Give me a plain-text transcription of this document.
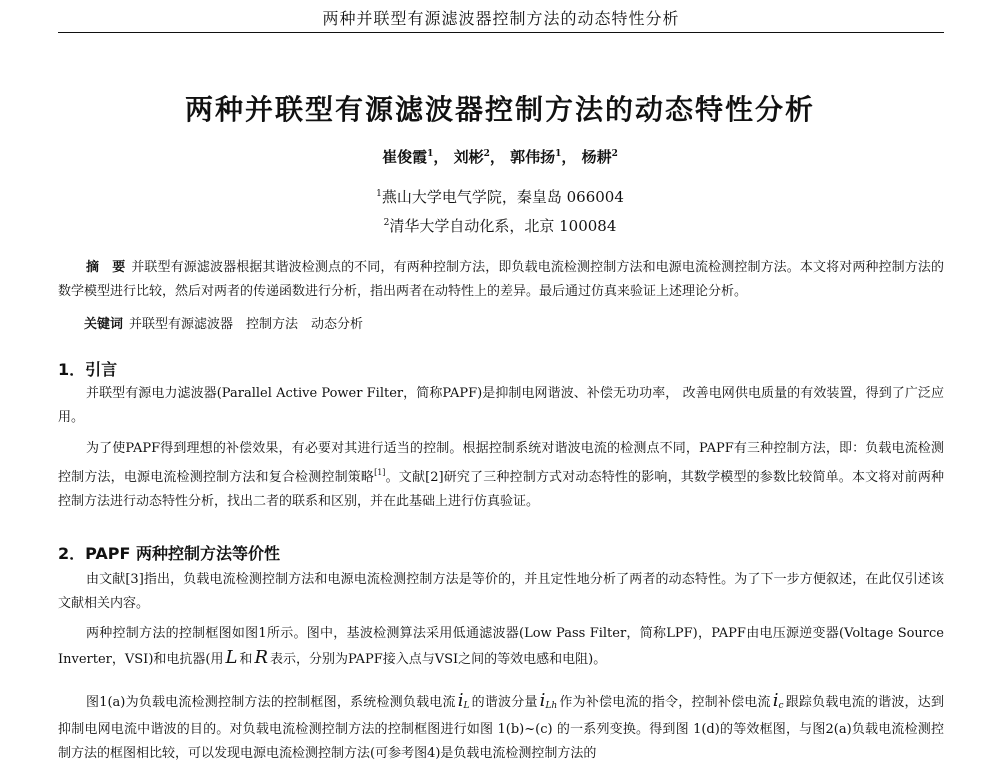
两种并联型有源滤波器控制方法的动态特性分析
两种并联型有源滤波器控制方法的动态特性分析
崔俊霞$^1$， 刘彬$^2$， 郭伟扬$^1$， 杨耕$^2$
$^1$燕山大学电气学院，秦皇岛 066004
$^2$清华大学自动化系，北京 100084
摘　要 并联型有源滤波器根据其谐波检测点的不同，有两种控制方法，即负载电流检测控制方法和电源电流检测控制方法。本文将对两种控制方法的数学模型进行比较，然后对两者的传递函数进行分析，指出两者在动特性上的差异。最后通过仿真来验证上述理论分析。
关键词 并联型有源滤波器　控制方法　动态分析
1．引言
并联型有源电力滤波器(Parallel Active Power Filter，简称PAPF)是抑制电网谐波、补偿无功功率， 改善电网供电质量的有效装置，得到了广泛应用。
为了使PAPF得到理想的补偿效果，有必要对其进行适当的控制。根据控制系统对谐波电流的检测点不同，PAPF有三种控制方法，即：负载电流检测控制方法，电源电流检测控制方法和复合检测控制策略[1]。文献[2]研究了三种控制方式对动态特性的影响，其数学模型的参数比较简单。本文将对前两种控制方法进行动态特性分析，找出二者的联系和区别，并在此基础上进行仿真验证。
2．PAPF 两种控制方法等价性
由文献[3]指出，负载电流检测控制方法和电源电流检测控制方法是等价的，并且定性地分析了两者的动态特性。为了下一步方便叙述，在此仅引述该文献相关内容。
两种控制方法的控制框图如图1所示。图中，基波检测算法采用低通滤波器(Low Pass Filter，简称LPF)，PAPF由电压源逆变器(Voltage Source Inverter，VSI)和电抗器(用 L 和 R 表示，分别为PAPF接入点与VSI之间的等效电感和电阻)。
图1(a)为负载电流检测控制方法的控制框图，系统检测负载电流 $i_L$ 的谐波分量 $i_{Lh}$ 作为补偿电流的指令，控制补偿电流 $i_c$ 跟踪负载电流的谐波，达到抑制电网电流中谐波的目的。对负载电流检测控制方法的控制框图进行如图 1(b)~(c) 的一系列变换。得到图 1(d)的等效框图，与图2(a)负载电流检测控制方法的框图相比较，可以发现电源电流检测控制方法(可参考图4)是负载电流检测控制方法的
